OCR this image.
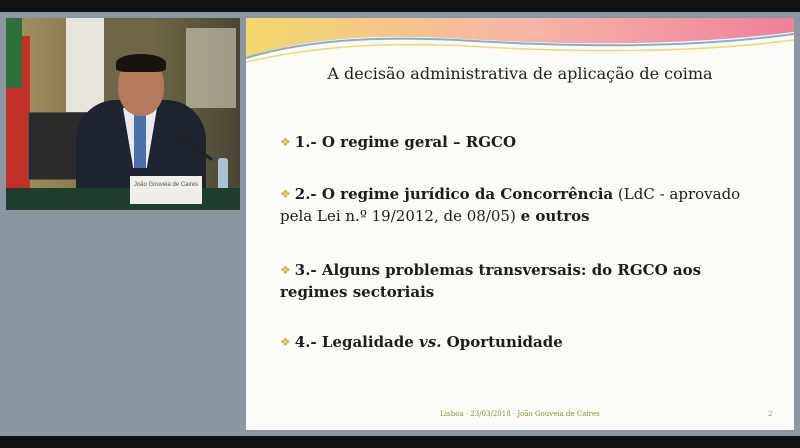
João Gouveia de Caires
A decisão administrativa de aplicação de coima
❖ 1.- O regime geral – RGCO
❖ 2.- O regime jurídico da Concorrência (LdC - aprovado pela Lei n.º 19/2012, de 08/05) e outros
❖ 3.- Alguns problemas transversais: do RGCO aos regimes sectoriais
❖ 4.- Legalidade vs. Oportunidade
Lisboa · 23/03/2018 · João Gouveia de Caires	2
